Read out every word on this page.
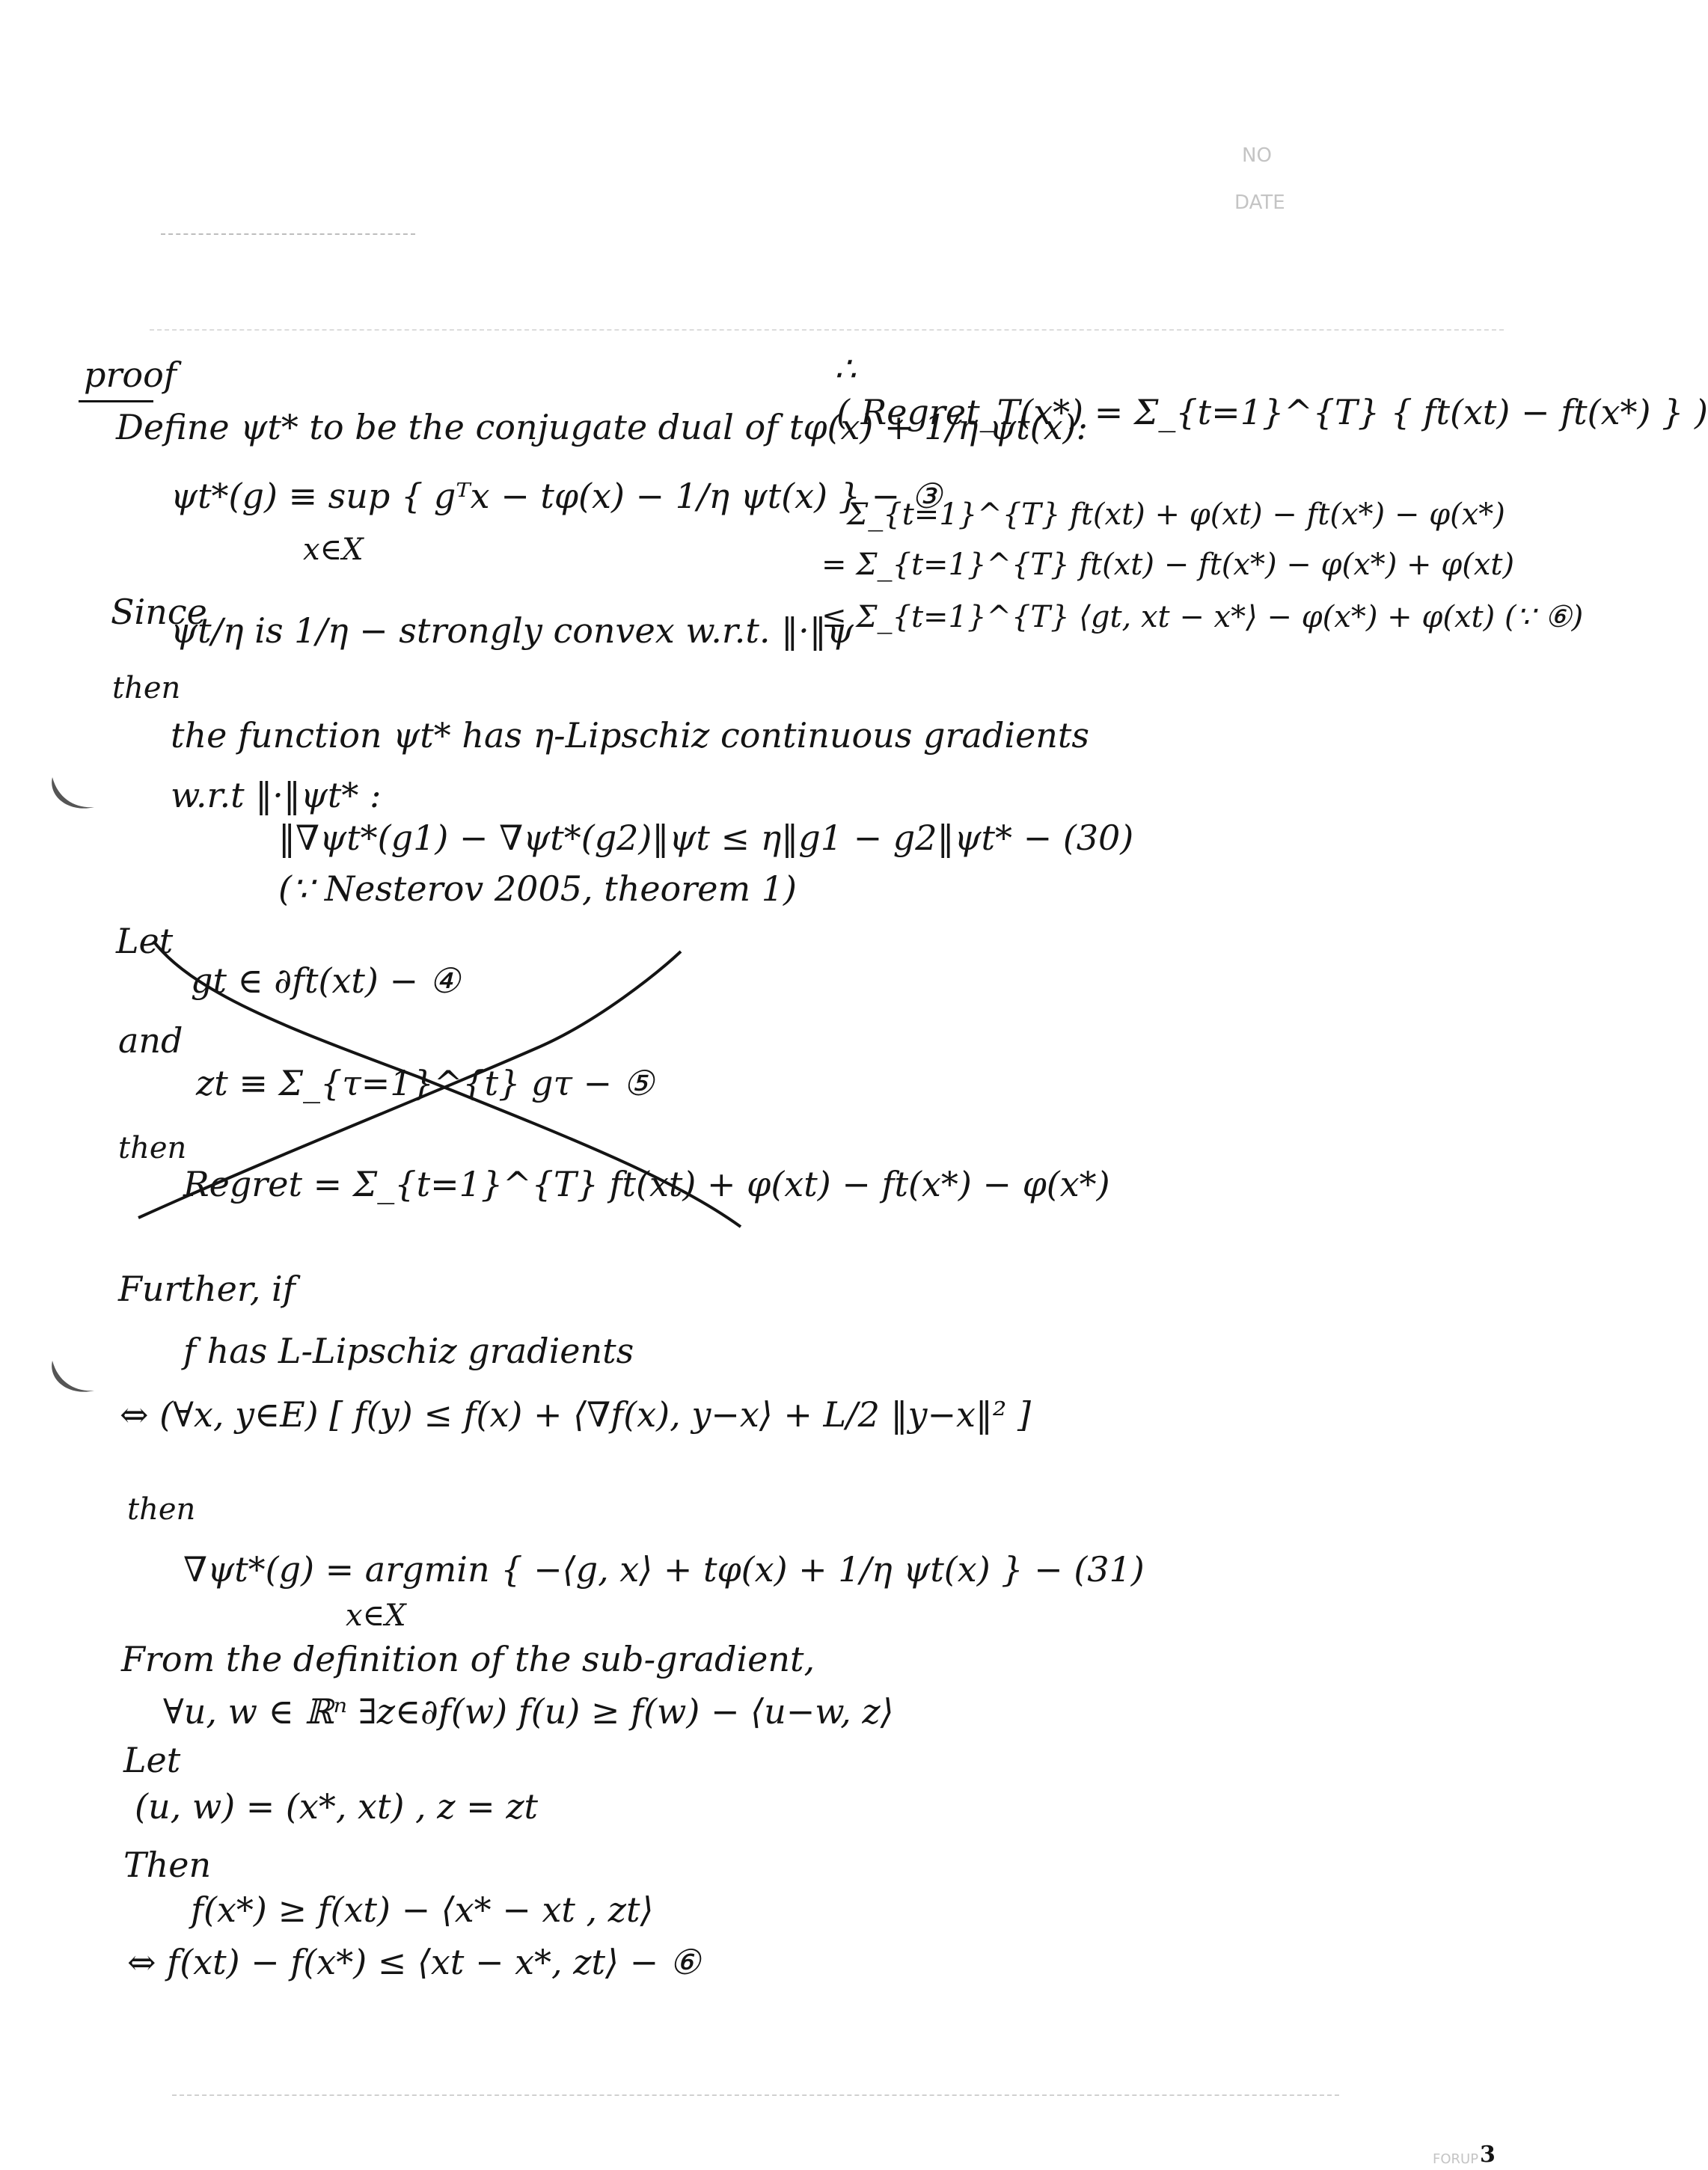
NO
DATE
FORUP 3
proof
Define ψt* to be the conjugate dual of tφ(x) + 1/η ψt(x):
ψt*(g) ≡ sup { gᵀx − tφ(x) − 1/η ψt(x) } − ③
x∈X
Since
ψt/η is 1/η − strongly convex w.r.t. ‖·‖ψ
then
the function ψt* has η-Lipschiz continuous gradients
w.r.t ‖·‖ψt* :
‖∇ψt*(g1) − ∇ψt*(g2)‖ψt ≤ η‖g1 − g2‖ψt* − (30)
(∵ Nesterov 2005, theorem 1)
Let
gt ∈ ∂ft(xt) − ④
and
zt ≡ Σ_{τ=1}^{t} gτ − ⑤
then
Regret = Σ_{t=1}^{T} ft(xt) + φ(xt) − ft(x*) − φ(x*)
Further, if
f has L-Lipschiz gradients
⇔ (∀x, y∈E) [ f(y) ≤ f(x) + ⟨∇f(x), y−x⟩ + L/2 ‖y−x‖² ]
then
∇ψt*(g) = argmin { −⟨g, x⟩ + tφ(x) + 1/η ψt(x) } − (31)
x∈X
From the definition of the sub-gradient,
∀u, w ∈ ℝⁿ ∃z∈∂f(w) f(u) ≥ f(w) − ⟨u−w, z⟩
Let
(u, w) = (x*, xt) , z = zt
Then
f(x*) ≥ f(xt) − ⟨x* − xt , zt⟩
⇔ f(xt) − f(x*) ≤ ⟨xt − x*, zt⟩ − ⑥
∴
( Regret_T(x*) = Σ_{t=1}^{T} { ft(xt) − ft(x*) } )
Σ_{t=1}^{T} ft(xt) + φ(xt) − ft(x*) − φ(x*)
= Σ_{t=1}^{T} ft(xt) − ft(x*) − φ(x*) + φ(xt)
≤ Σ_{t=1}^{T} ⟨gt, xt − x*⟩ − φ(x*) + φ(xt) (∵ ⑥)
